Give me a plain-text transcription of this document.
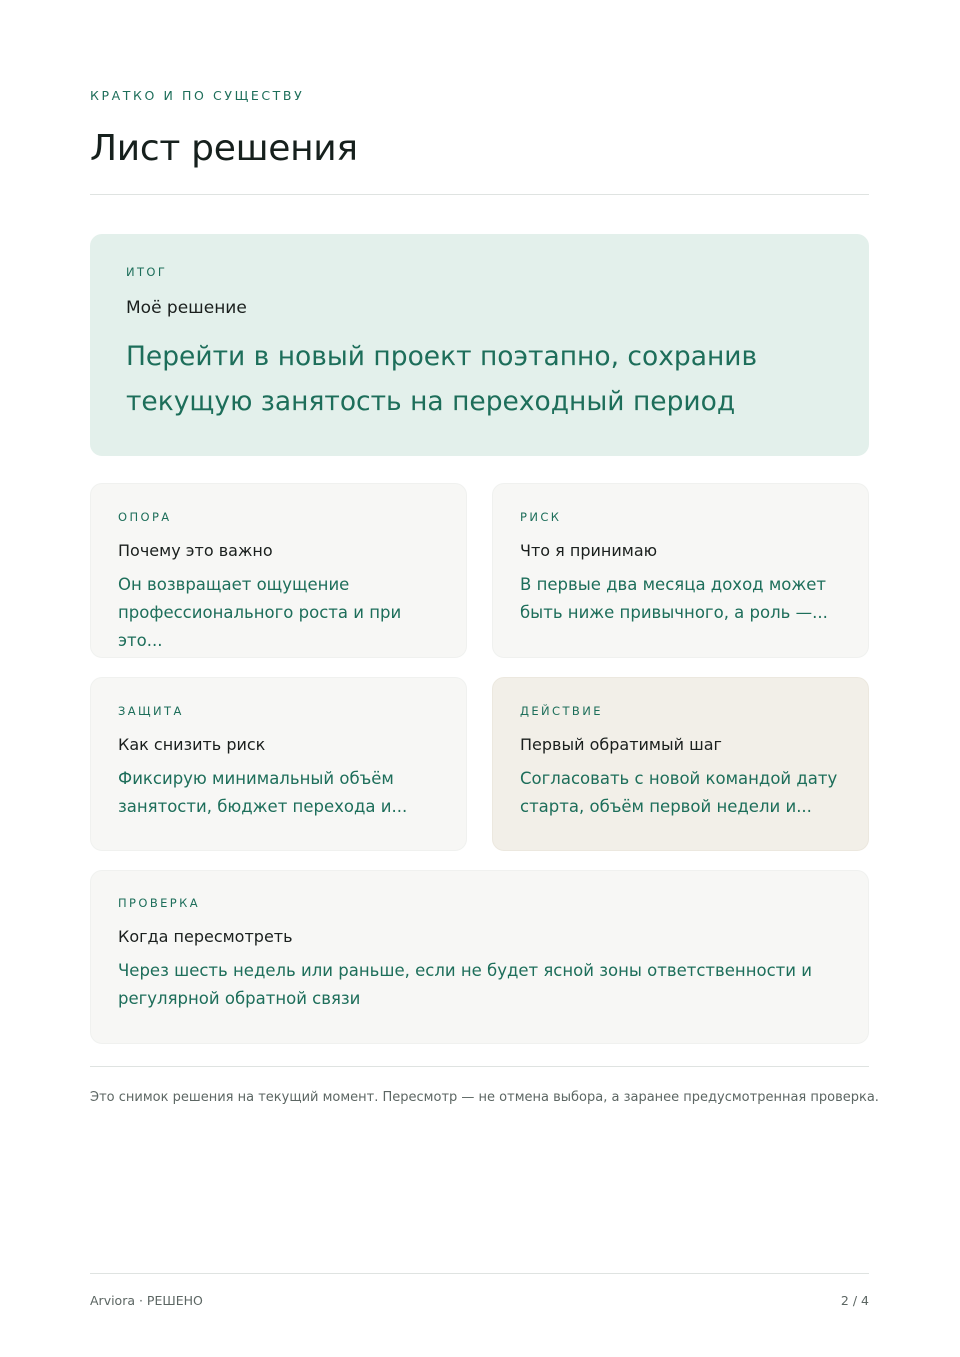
КРАТКО И ПО СУЩЕСТВУ
Лист решения
ИТОГ
Моё решение
Перейти в новый проект поэтапно, сохранив
текущую занятость на переходный период
ОПОРА
Почему это важно
Он возвращает ощущение
профессионального роста и при это...
РИСК
Что я принимаю
В первые два месяца доход может
быть ниже привычного, а роль —...
ЗАЩИТА
Как снизить риск
Фиксирую минимальный объём
занятости, бюджет перехода и...
ДЕЙСТВИЕ
Первый обратимый шаг
Согласовать с новой командой дату
старта, объём первой недели и...
ПРОВЕРКА
Когда пересмотреть
Через шесть недель или раньше, если не будет ясной зоны ответственности и
регулярной обратной связи
Это снимок решения на текущий момент. Пересмотр — не отмена выбора, а заранее предусмотренная проверка.
Arviora · РЕШЕНО	2 / 4
